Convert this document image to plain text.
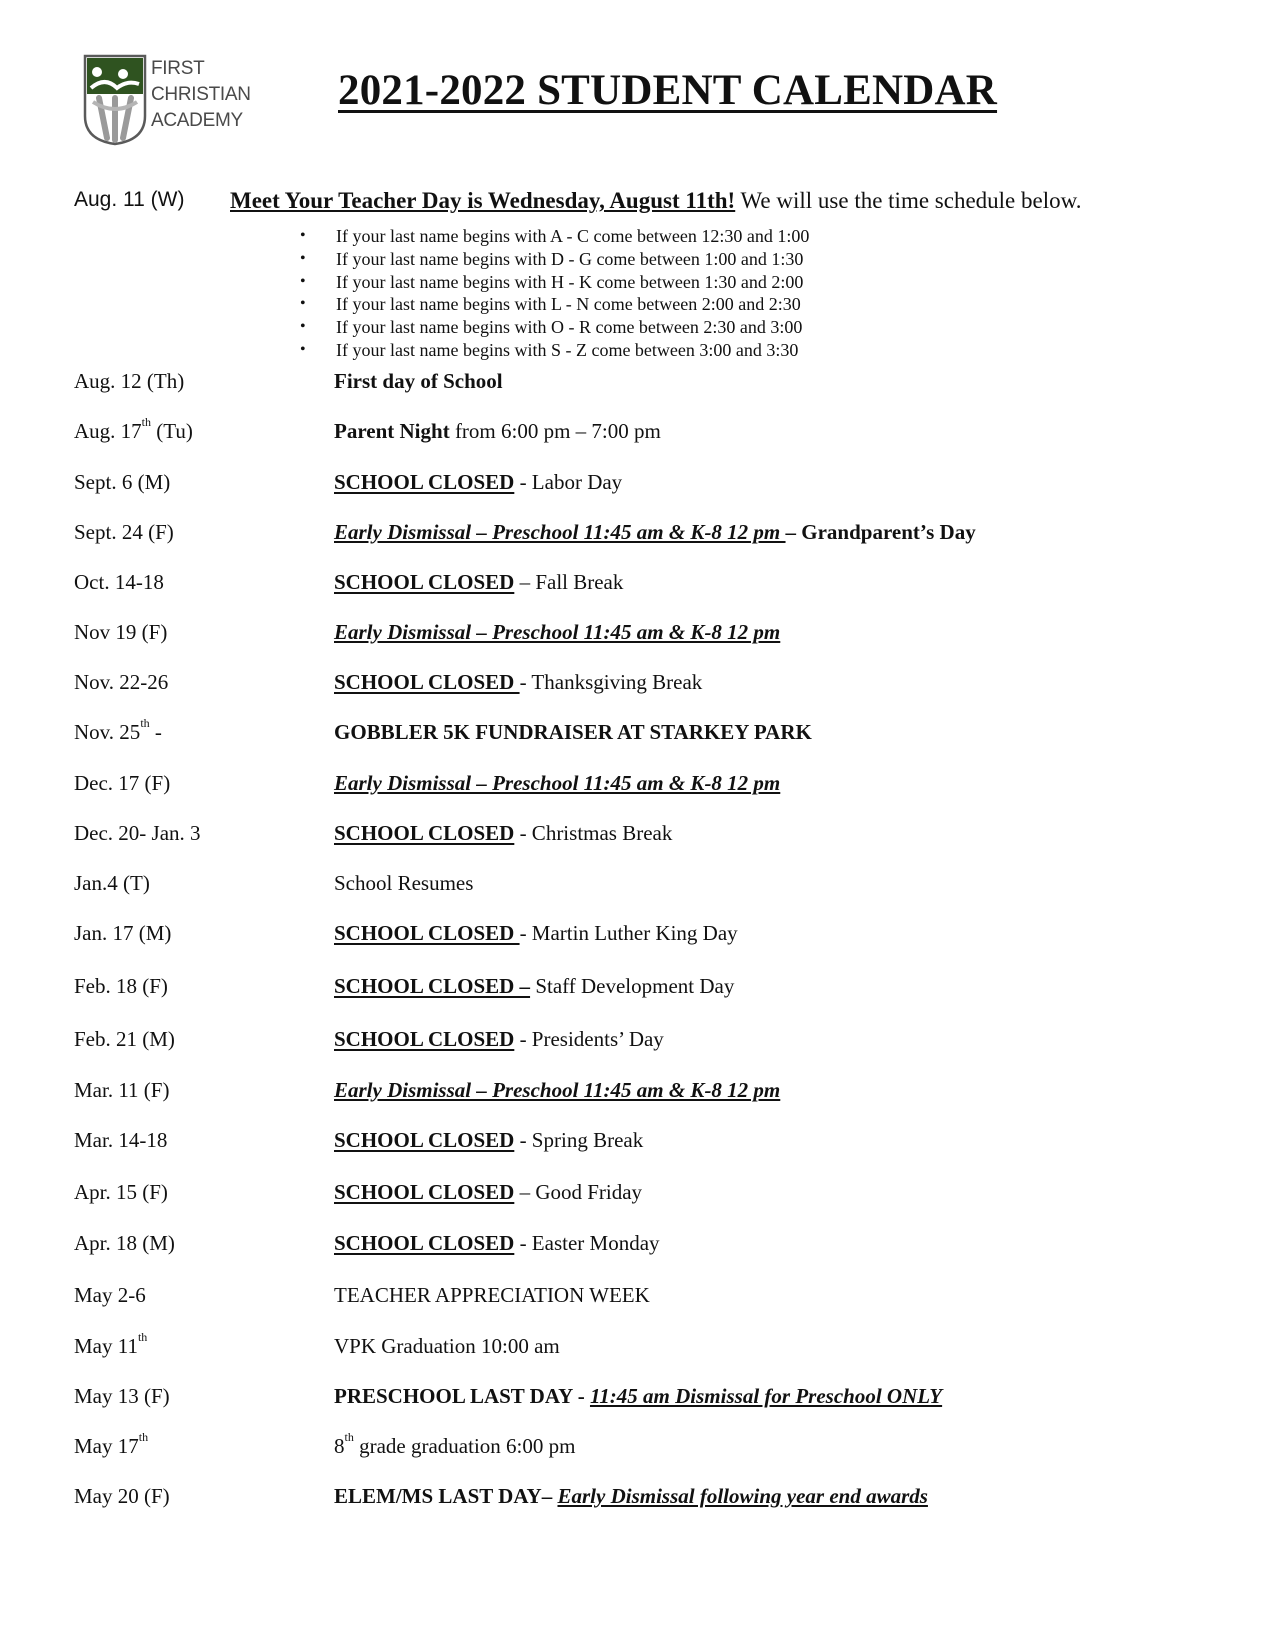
FIRST
CHRISTIAN
ACADEMY
2021-2022 STUDENT CALENDAR
Aug. 11 (W) Meet Your Teacher Day is Wednesday, August 11th! We will use the time schedule below.
• If your last name begins with A - C come between 12:30 and 1:00
• If your last name begins with D - G come between 1:00 and 1:30
• If your last name begins with H - K come between 1:30 and 2:00
• If your last name begins with L - N come between 2:00 and 2:30
• If your last name begins with O - R come between 2:30 and 3:00
• If your last name begins with S - Z come between 3:00 and 3:30
Aug. 12 (Th)	First day of School
Aug. 17th (Tu)	Parent Night from 6:00 pm – 7:00 pm
Sept. 6 (M)	SCHOOL CLOSED - Labor Day
Sept. 24 (F)	Early Dismissal – Preschool 11:45 am & K-8 12 pm – Grandparent’s Day
Oct. 14-18	SCHOOL CLOSED – Fall Break
Nov 19 (F)	Early Dismissal – Preschool 11:45 am & K-8 12 pm
Nov. 22-26	SCHOOL CLOSED - Thanksgiving Break
Nov. 25th -	GOBBLER 5K FUNDRAISER AT STARKEY PARK
Dec. 17 (F)	Early Dismissal – Preschool 11:45 am & K-8 12 pm
Dec. 20- Jan. 3	SCHOOL CLOSED - Christmas Break
Jan.4 (T)	School Resumes
Jan. 17 (M)	SCHOOL CLOSED - Martin Luther King Day
Feb. 18 (F)	SCHOOL CLOSED – Staff Development Day
Feb. 21 (M)	SCHOOL CLOSED - Presidents’ Day
Mar. 11 (F)	Early Dismissal – Preschool 11:45 am & K-8 12 pm
Mar. 14-18	SCHOOL CLOSED - Spring Break
Apr. 15 (F)	SCHOOL CLOSED – Good Friday
Apr. 18 (M)	SCHOOL CLOSED - Easter Monday
May 2-6	TEACHER APPRECIATION WEEK
May 11th	VPK Graduation 10:00 am
May 13 (F)	PRESCHOOL LAST DAY - 11:45 am Dismissal for Preschool ONLY
May 17th	8th grade graduation 6:00 pm
May 20 (F)	ELEM/MS LAST DAY– Early Dismissal following year end awards
